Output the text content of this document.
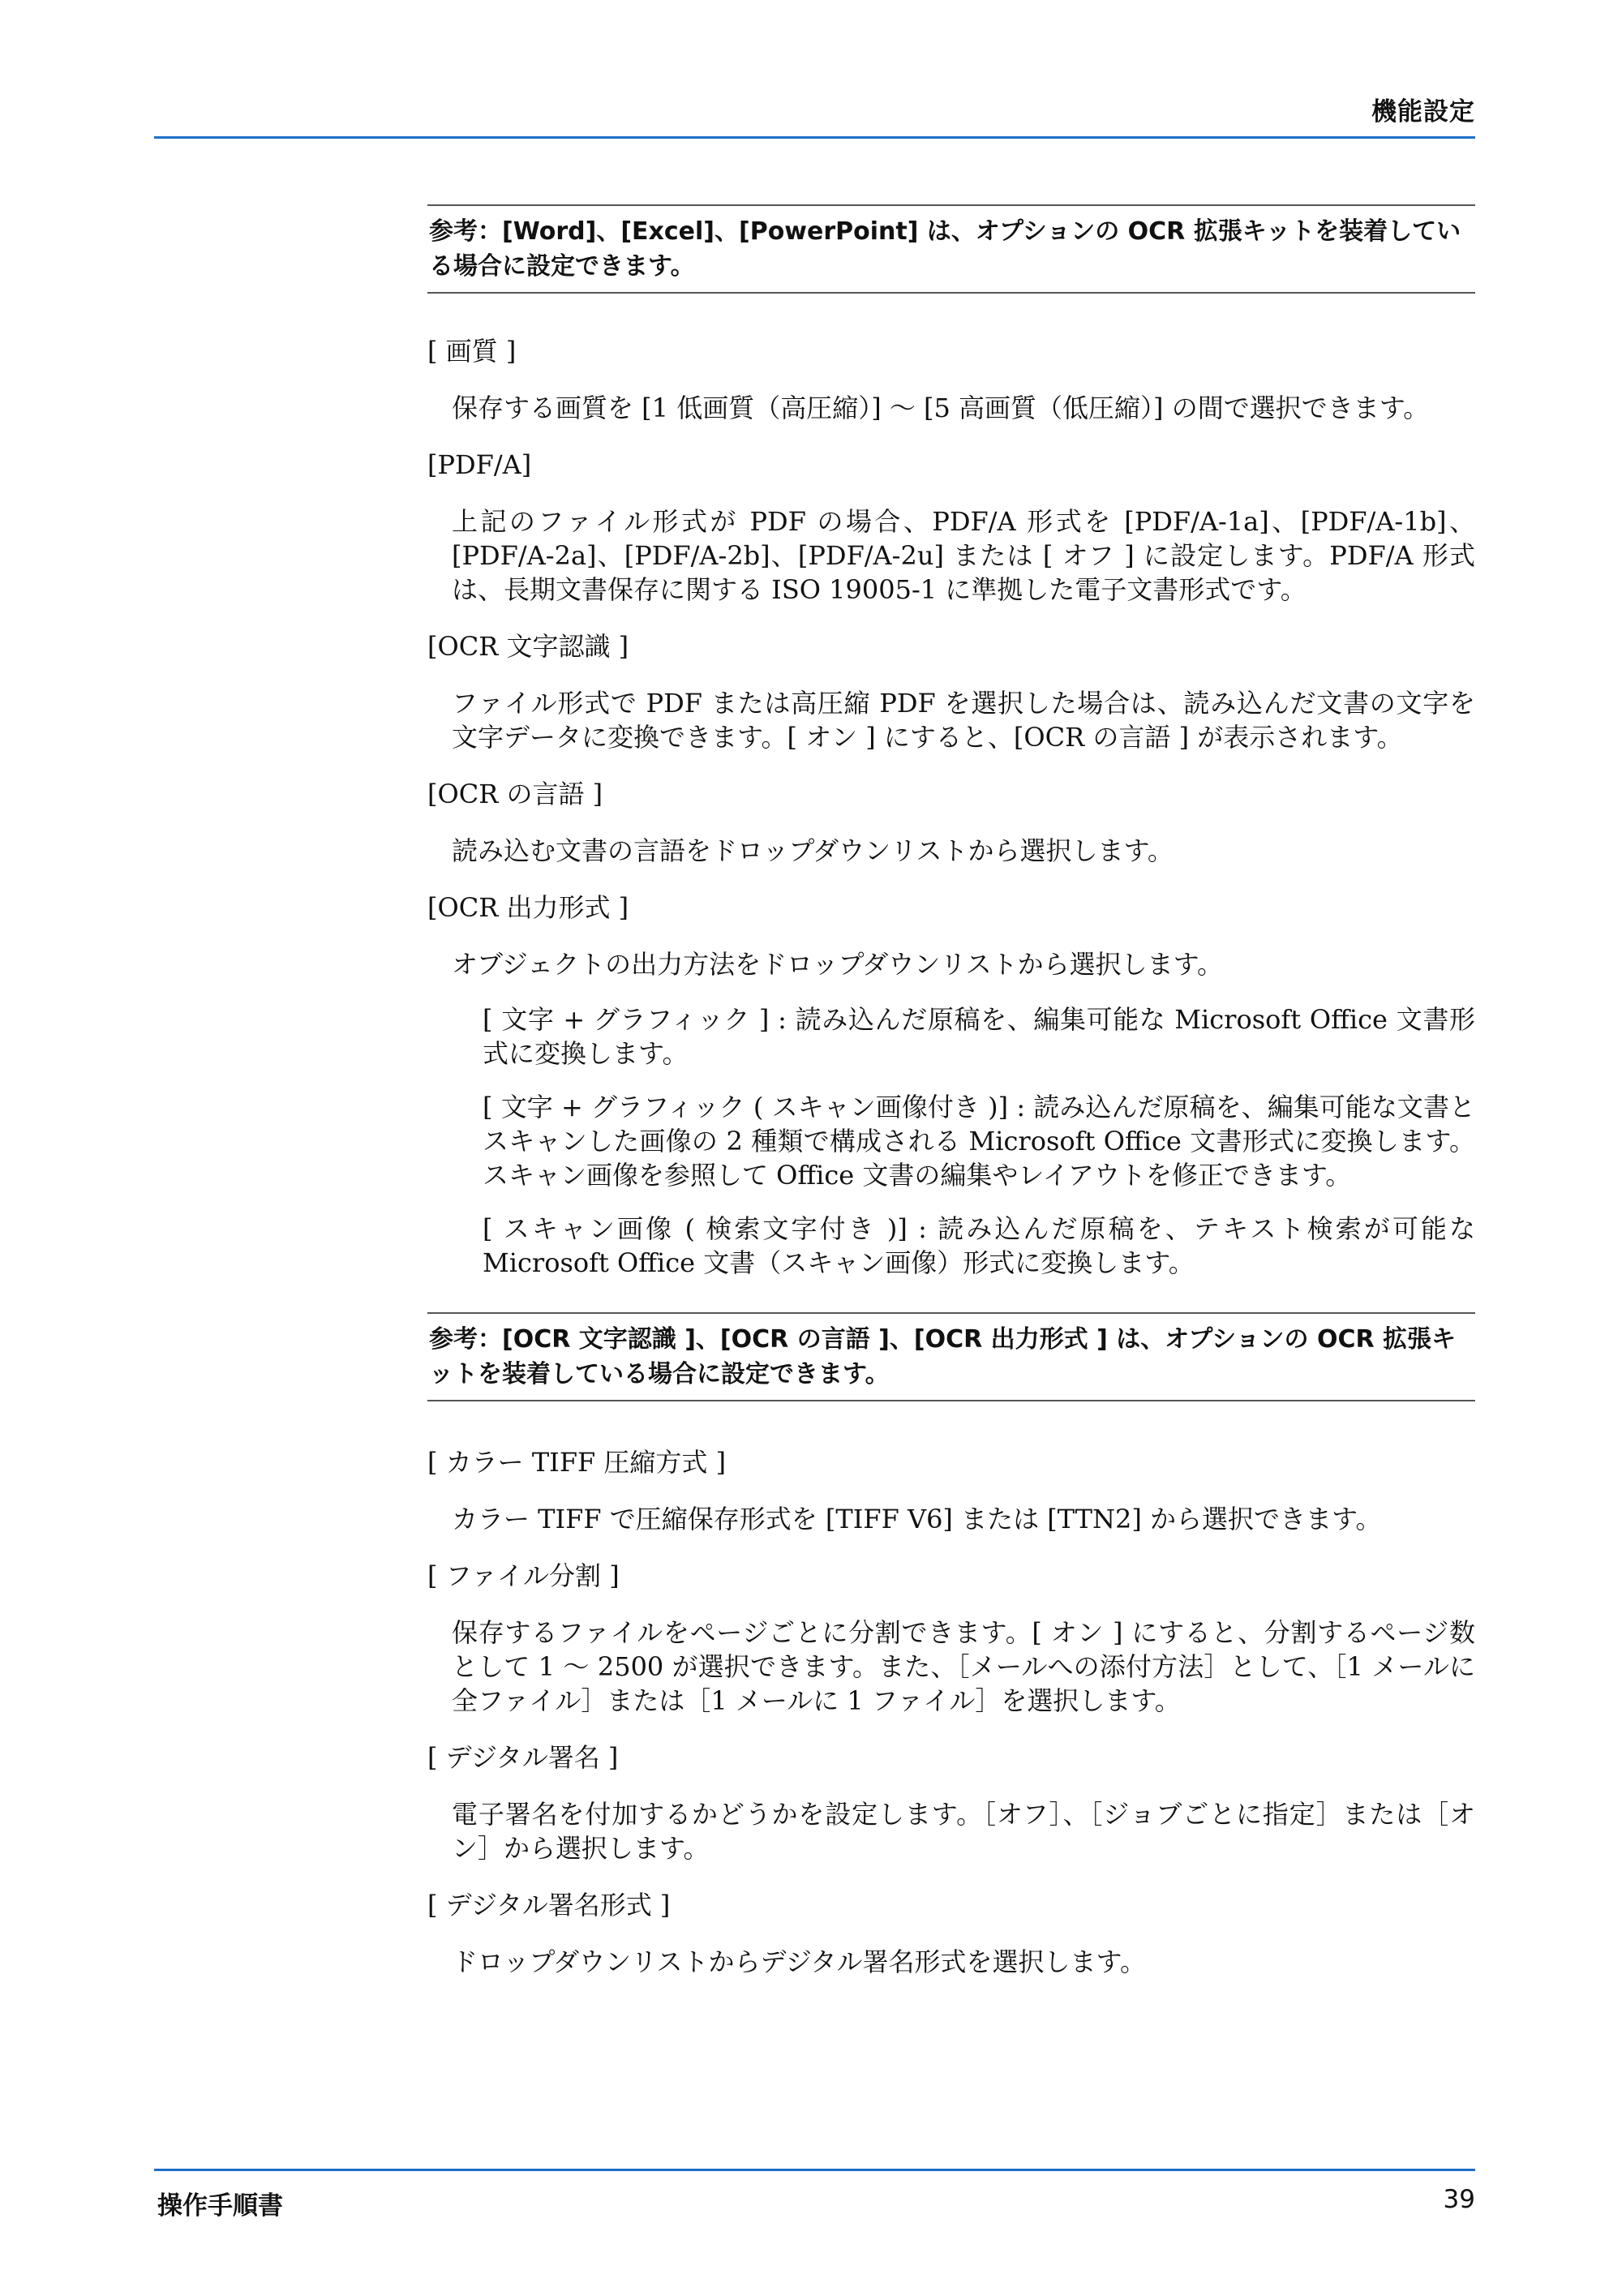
機能設定
参考：[Word]、[Excel]、[PowerPoint] は、オプションの OCR 拡張キットを装着している場合に設定できます。
[ 画質 ]
保存する画質を [1 低画質（高圧縮）] ～ [5 高画質（低圧縮）] の間で選択できます。
[PDF/A]
上記のファイル形式が PDF の場合、PDF/A 形式を [PDF/A-1a]、[PDF/A-1b]、[PDF/A-2a]、[PDF/A-2b]、[PDF/A-2u] または [ オフ ] に設定します。PDF/A 形式は、長期文書保存に関する ISO 19005-1 に準拠した電子文書形式です。
[OCR 文字認識 ]
ファイル形式で PDF または高圧縮 PDF を選択した場合は、読み込んだ文書の文字を文字データに変換できます。[ オン ] にすると、[OCR の言語 ] が表示されます。
[OCR の言語 ]
読み込む文書の言語をドロップダウンリストから選択します。
[OCR 出力形式 ]
オブジェクトの出力方法をドロップダウンリストから選択します。
[ 文字 + グラフィック ] : 読み込んだ原稿を、編集可能な Microsoft Office 文書形式に変換します。
[ 文字 + グラフィック ( スキャン画像付き )] : 読み込んだ原稿を、編集可能な文書とスキャンした画像の 2 種類で構成される Microsoft Office 文書形式に変換します。スキャン画像を参照して Office 文書の編集やレイアウトを修正できます。
[ スキャン画像 ( 検索文字付き )] : 読み込んだ原稿を、テキスト検索が可能な Microsoft Office 文書（スキャン画像）形式に変換します。
参考：[OCR 文字認識 ]、[OCR の言語 ]、[OCR 出力形式 ] は、オプションの OCR 拡張キットを装着している場合に設定できます。
[ カラー TIFF 圧縮方式 ]
カラー TIFF で圧縮保存形式を [TIFF V6] または [TTN2] から選択できます。
[ ファイル分割 ]
保存するファイルをページごとに分割できます。[ オン ] にすると、分割するページ数として 1 ～ 2500 が選択できます。また、［メールへの添付方法］として、［1 メールに全ファイル］または［1 メールに 1 ファイル］を選択します。
[ デジタル署名 ]
電子署名を付加するかどうかを設定します。［オフ］、［ジョブごとに指定］または［オン］から選択します。
[ デジタル署名形式 ]
ドロップダウンリストからデジタル署名形式を選択します。
操作手順書	39
